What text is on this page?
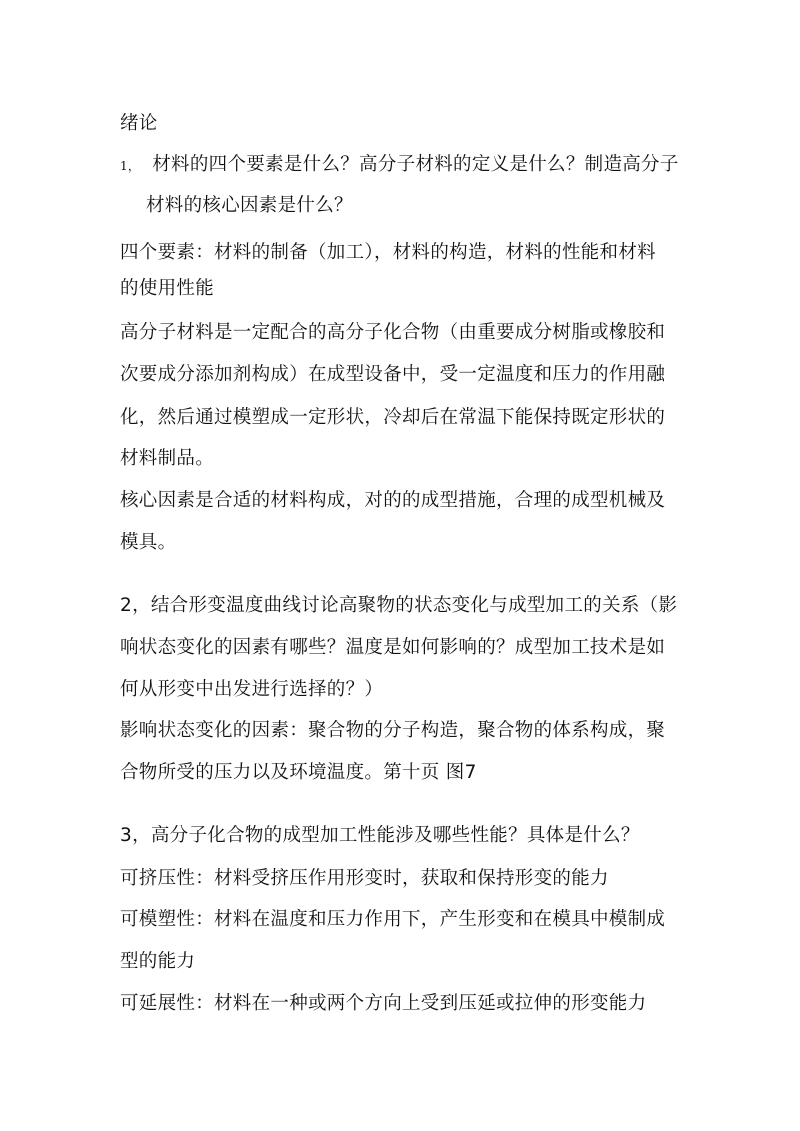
绪论
1， 材料的四个要素是什么？高分子材料的定义是什么？制造高分子
材料的核心因素是什么？
四个要素：材料的制备（加工），材料的构造，材料的性能和材料
的使用性能
高分子材料是一定配合的高分子化合物（由重要成分树脂或橡胶和
次要成分添加剂构成）在成型设备中，受一定温度和压力的作用融
化，然后通过模塑成一定形状，冷却后在常温下能保持既定形状的
材料制品。
核心因素是合适的材料构成，对的的成型措施，合理的成型机械及
模具。
2，结合形变温度曲线讨论高聚物的状态变化与成型加工的关系（影
响状态变化的因素有哪些？温度是如何影响的？成型加工技术是如
何从形变中出发进行选择的？）
影响状态变化的因素：聚合物的分子构造，聚合物的体系构成，聚
合物所受的压力以及环境温度。第十页 图7
3，高分子化合物的成型加工性能涉及哪些性能？具体是什么？
可挤压性：材料受挤压作用形变时，获取和保持形变的能力
可模塑性：材料在温度和压力作用下，产生形变和在模具中模制成
型的能力
可延展性：材料在一种或两个方向上受到压延或拉伸的形变能力
